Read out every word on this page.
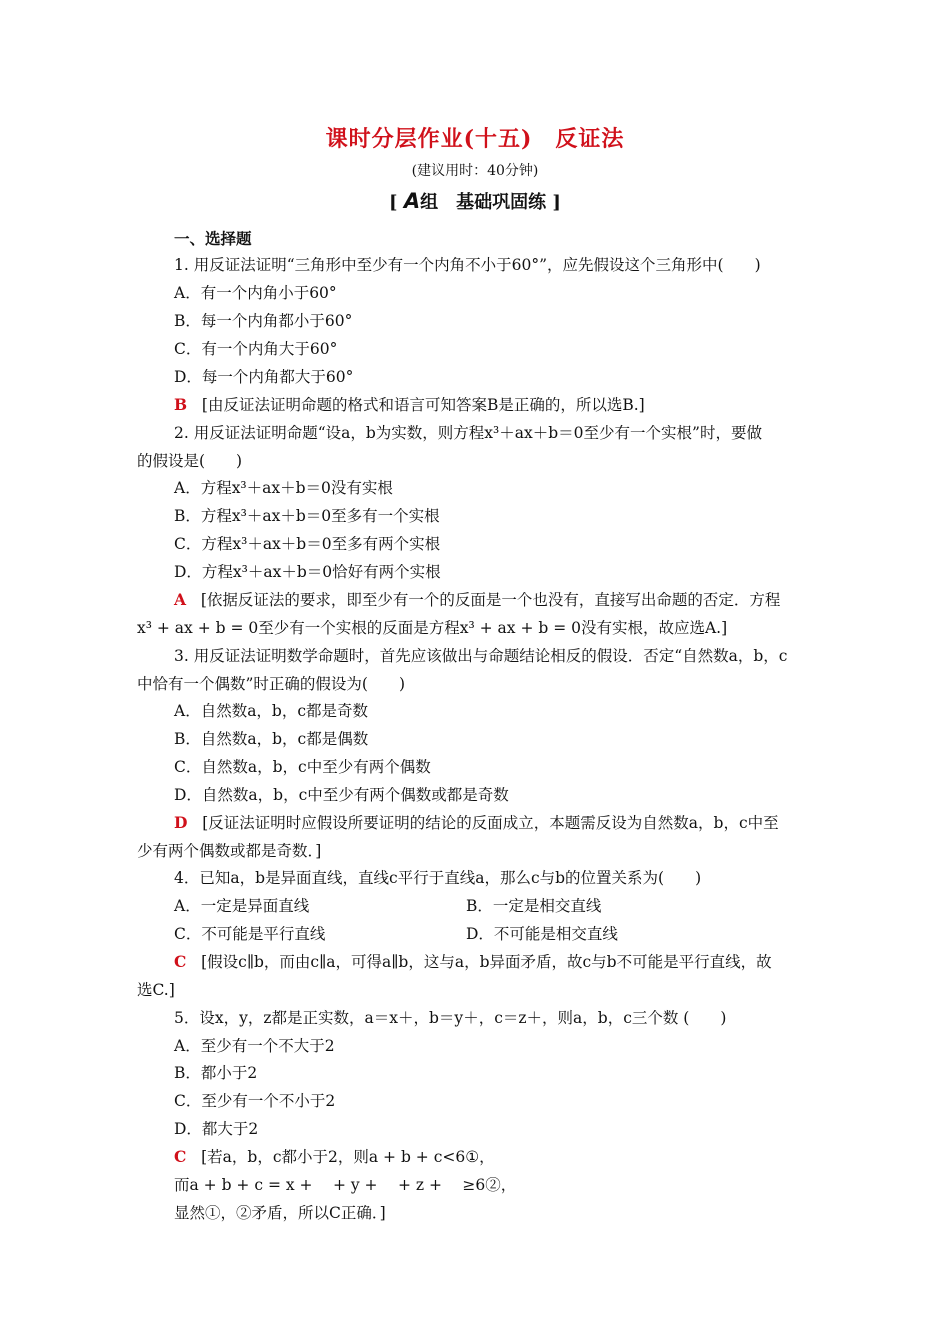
课时分层作业(十五)　反证法
(建议用时：40分钟)
[ A组　基础巩固练 ]
一、选择题
1. 用反证法证明“三角形中至少有一个内角不小于60°”，应先假设这个三角形中(　　)
A．有一个内角小于60°
B．每一个内角都小于60°
C．有一个内角大于60°
D．每一个内角都大于60°
B [由反证法证明命题的格式和语言可知答案B是正确的，所以选B.]
2. 用反证法证明命题“设a，b为实数，则方程x³＋ax＋b＝0至少有一个实根”时，要做
的假设是(　　)
A．方程x³＋ax＋b＝0没有实根
B．方程x³＋ax＋b＝0至多有一个实根
C．方程x³＋ax＋b＝0至多有两个实根
D．方程x³＋ax＋b＝0恰好有两个实根
A [依据反证法的要求，即至少有一个的反面是一个也没有，直接写出命题的否定．方程
x³ + ax + b = 0至少有一个实根的反面是方程x³ + ax + b = 0没有实根，故应选A.]
3. 用反证法证明数学命题时，首先应该做出与命题结论相反的假设．否定“自然数a，b，c
中恰有一个偶数”时正确的假设为(　　)
A．自然数a，b，c都是奇数
B．自然数a，b，c都是偶数
C．自然数a，b，c中至少有两个偶数
D．自然数a，b，c中至少有两个偶数或都是奇数
D [反证法证明时应假设所要证明的结论的反面成立，本题需反设为自然数a，b，c中至
少有两个偶数或都是奇数．]
4．已知a，b是异面直线，直线c平行于直线a，那么c与b的位置关系为(　　)
A．一定是异面直线	B．一定是相交直线
C．不可能是平行直线	D．不可能是相交直线
C [假设c∥b，而由c∥a，可得a∥b，这与a，b异面矛盾，故c与b不可能是平行直线，故
选C.]
5．设x，y，z都是正实数，a＝x＋，b＝y＋，c＝z＋，则a，b，c三个数 (　　)
A．至少有一个不大于2
B．都小于2
C．至少有一个不小于2
D．都大于2
C [若a，b，c都小于2，则a + b + c<6①，
而a + b + c = x + 　+ y + 　+ z + 　≥6②，
显然①，②矛盾，所以C正确．]
